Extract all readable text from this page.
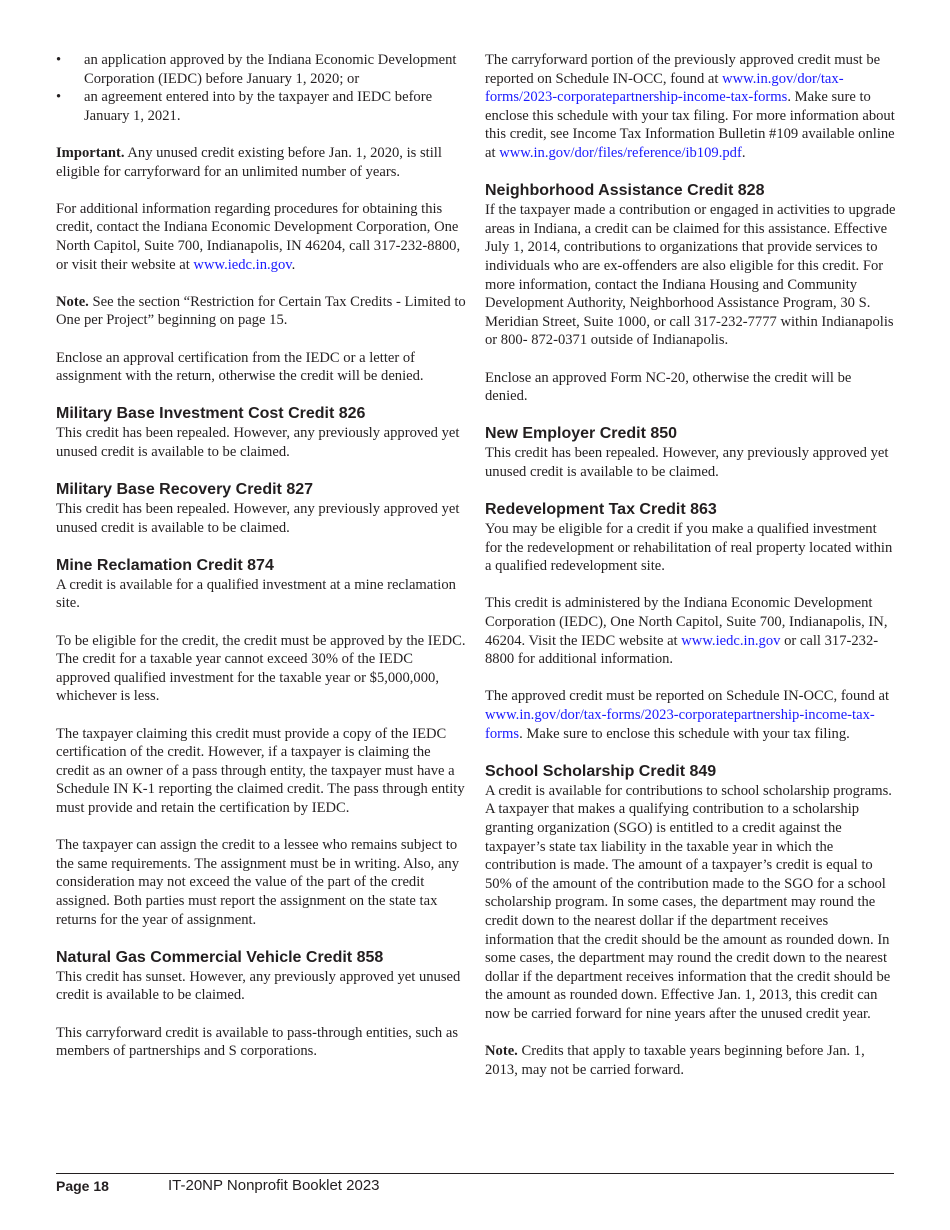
• an application approved by the Indiana Economic Development Corporation (IEDC) before January 1, 2020; or
• an agreement entered into by the taxpayer and IEDC before January 1, 2021.

Important. Any unused credit existing before Jan. 1, 2020, is still eligible for carryforward for an unlimited number of years.

For additional information regarding procedures for obtaining this credit, contact the Indiana Economic Development Corporation, One North Capitol, Suite 700, Indianapolis, IN 46204, call 317-232-8800, or visit their website at www.iedc.in.gov.

Note. See the section “Restriction for Certain Tax Credits - Limited to One per Project” beginning on page 15.

Enclose an approval certification from the IEDC or a letter of assignment with the return, otherwise the credit will be denied.

Military Base Investment Cost Credit 826

This credit has been repealed. However, any previously approved yet unused credit is available to be claimed.

Military Base Recovery Credit 827

This credit has been repealed. However, any previously approved yet unused credit is available to be claimed.

Mine Reclamation Credit 874

A credit is available for a qualified investment at a mine reclamation site.

To be eligible for the credit, the credit must be approved by the IEDC. The credit for a taxable year cannot exceed 30% of the IEDC approved qualified investment for the taxable year or $5,000,000, whichever is less.

The taxpayer claiming this credit must provide a copy of the IEDC certification of the credit. However, if a taxpayer is claiming the credit as an owner of a pass through entity, the taxpayer must have a Schedule IN K-1 reporting the claimed credit. The pass through entity must provide and retain the certification by IEDC.

The taxpayer can assign the credit to a lessee who remains subject to the same requirements. The assignment must be in writing. Also, any consideration may not exceed the value of the part of the credit assigned. Both parties must report the assignment on the state tax returns for the year of assignment.

Natural Gas Commercial Vehicle Credit 858

This credit has sunset. However, any previously approved yet unused credit is available to be claimed.

This carryforward credit is available to pass-through entities, such as members of partnerships and S corporations.

The carryforward portion of the previously approved credit must be reported on Schedule IN-OCC, found at www.in.gov/dor/tax-forms/2023-corporatepartnership-income-tax-forms. Make sure to enclose this schedule with your tax filing. For more information about this credit, see Income Tax Information Bulletin #109 available online at www.in.gov/dor/files/reference/ib109.pdf.

Neighborhood Assistance Credit 828

If the taxpayer made a contribution or engaged in activities to upgrade areas in Indiana, a credit can be claimed for this assistance. Effective July 1, 2014, contributions to organizations that provide services to individuals who are ex-offenders are also eligible for this credit. For more information, contact the Indiana Housing and Community Development Authority, Neighborhood Assistance Program, 30 S. Meridian Street, Suite 1000, or call 317-232-7777 within Indianapolis or 800- 872-0371 outside of Indianapolis.

Enclose an approved Form NC-20, otherwise the credit will be denied.

New Employer Credit 850

This credit has been repealed. However, any previously approved yet unused credit is available to be claimed.

Redevelopment Tax Credit 863

You may be eligible for a credit if you make a qualified investment for the redevelopment or rehabilitation of real property located within a qualified redevelopment site.

This credit is administered by the Indiana Economic Development Corporation (IEDC), One North Capitol, Suite 700, Indianapolis, IN, 46204. Visit the IEDC website at www.iedc.in.gov or call 317-232- 8800 for additional information.

The approved credit must be reported on Schedule IN-OCC, found at www.in.gov/dor/tax-forms/2023-corporatepartnership-income-tax-forms. Make sure to enclose this schedule with your tax filing.

School Scholarship Credit 849

A credit is available for contributions to school scholarship programs. A taxpayer that makes a qualifying contribution to a scholarship granting organization (SGO) is entitled to a credit against the taxpayer’s state tax liability in the taxable year in which the contribution is made. The amount of a taxpayer’s credit is equal to 50% of the amount of the contribution made to the SGO for a school scholarship program. In some cases, the department may round the credit down to the nearest dollar if the department receives information that the credit should be the amount as rounded down. In some cases, the department may round the credit down to the nearest dollar if the department receives information that the credit should be the amount as rounded down. Effective Jan. 1, 2013, this credit can now be carried forward for nine years after the unused credit year.

Note. Credits that apply to taxable years beginning before Jan. 1, 2013, may not be carried forward.

Page 18	IT-20NP Nonprofit Booklet 2023
